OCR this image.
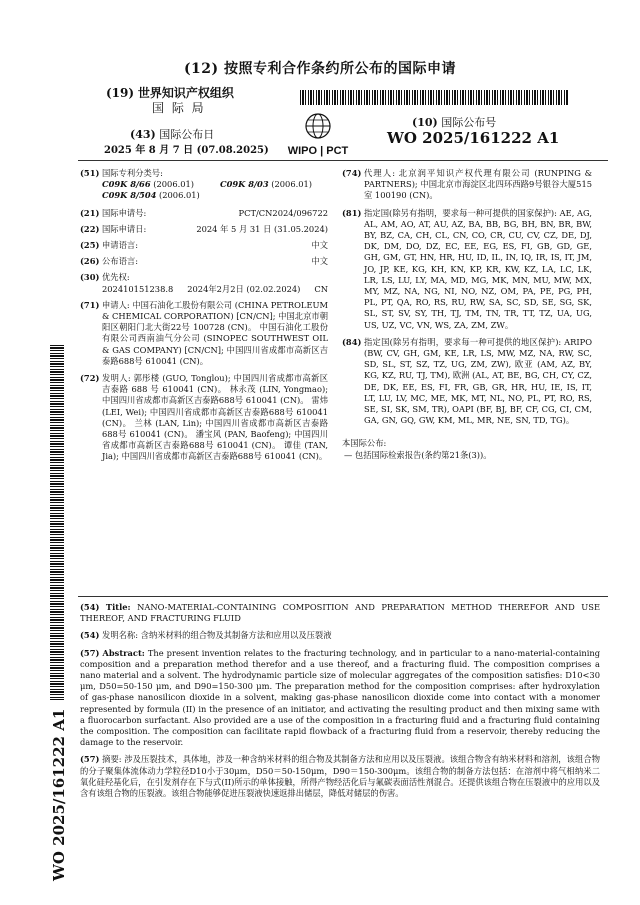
(12) 按照专利合作条约所公布的国际申请
(19) 世界知识产权组织
国 际 局
(43) 国际公布日
2025 年 8 月 7 日 (07.08.2025)	WIPO | PCT
(10) 国际公布号
WO 2025/161222 A1
WO 2025/161222 A1
(51) 国际专利分类号:
C09K 8/66 (2006.01)	C09K 8/03 (2006.01)
C09K 8/504 (2006.01)
(21) 国际申请号:	PCT/CN2024/096722
(22) 国际申请日:	2024 年 5 月 31 日 (31.05.2024)
(25) 申请语言:	中文
(26) 公布语言:	中文
(30) 优先权:
202410151238.8 2024年2月2日 (02.02.2024) CN
(71) 申请人: 中国石油化工股份有限公司 (CHINA PETROLEUM & CHEMICAL CORPORATION) [CN/CN]; 中国北京市朝阳区朝阳门北大街22号 100728 (CN)。 中国石油化工股份有限公司西南油气分公司 (SINOPEC SOUTHWEST OIL & GAS COMPANY) [CN/CN]; 中国四川省成都市高新区吉泰路688号 610041 (CN)。
(72) 发明人: 郭彤楼 (GUO, Tonglou); 中国四川省成都市高新区吉泰路 688 号 610041 (CN)。 林永茂 (LIN, Yongmao); 中国四川省成都市高新区吉泰路688号 610041 (CN)。 雷炜 (LEI, Wei); 中国四川省成都市高新区吉泰路688号 610041 (CN)。 兰林 (LAN, Lin); 中国四川省成都市高新区吉泰路688号 610041 (CN)。 潘宝风 (PAN, Baofeng); 中国四川省成都市高新区吉泰路688号 610041 (CN)。 谭佳 (TAN, Jia); 中国四川省成都市高新区吉泰路688号 610041 (CN)。
(74) 代理人: 北京润平知识产权代理有限公司 (RUNPING & PARTNERS); 中国北京市海淀区北四环西路9号银谷大厦515室 100190 (CN)。
(81) 指定国(除另有指明，要求每一种可提供的国家保护): AE, AG, AL, AM, AO, AT, AU, AZ, BA, BB, BG, BH, BN, BR, BW, BY, BZ, CA, CH, CL, CN, CO, CR, CU, CV, CZ, DE, DJ, DK, DM, DO, DZ, EC, EE, EG, ES, FI, GB, GD, GE, GH, GM, GT, HN, HR, HU, ID, IL, IN, IQ, IR, IS, IT, JM, JO, JP, KE, KG, KH, KN, KP, KR, KW, KZ, LA, LC, LK, LR, LS, LU, LY, MA, MD, MG, MK, MN, MU, MW, MX, MY, MZ, NA, NG, NI, NO, NZ, OM, PA, PE, PG, PH, PL, PT, QA, RO, RS, RU, RW, SA, SC, SD, SE, SG, SK, SL, ST, SV, SY, TH, TJ, TM, TN, TR, TT, TZ, UA, UG, US, UZ, VC, VN, WS, ZA, ZM, ZW。
(84) 指定国(除另有指明，要求每一种可提供的地区保护): ARIPO (BW, CV, GH, GM, KE, LR, LS, MW, MZ, NA, RW, SC, SD, SL, ST, SZ, TZ, UG, ZM, ZW), 欧亚 (AM, AZ, BY, KG, KZ, RU, TJ, TM), 欧洲 (AL, AT, BE, BG, CH, CY, CZ, DE, DK, EE, ES, FI, FR, GB, GR, HR, HU, IE, IS, IT, LT, LU, LV, MC, ME, MK, MT, NL, NO, PL, PT, RO, RS, SE, SI, SK, SM, TR), OAPI (BF, BJ, BF, CF, CG, CI, CM, GA, GN, GQ, GW, KM, ML, MR, NE, SN, TD, TG)。
本国际公布:
— 包括国际检索报告(条约第21条(3))。
(54) Title: NANO-MATERIAL-CONTAINING COMPOSITION AND PREPARATION METHOD THEREFOR AND USE THEREOF, AND FRACTURING FLUID
(54) 发明名称: 含纳米材料的组合物及其制备方法和应用以及压裂液
(57) Abstract: The present invention relates to the fracturing technology, and in particular to a nano-material-containing composition and a preparation method therefor and a use thereof, and a fracturing fluid. The composition comprises a nano material and a solvent. The hydrodynamic particle size of molecular aggregates of the composition satisfies: D10<30 μm, D50=50-150 μm, and D90=150-300 μm. The preparation method for the composition comprises: after hydroxylation of gas-phase nanosilicon dioxide in a solvent, making gas-phase nanosilicon dioxide come into contact with a monomer represented by formula (II) in the presence of an initiator, and activating the resulting product and then mixing same with a fluorocarbon surfactant. Also provided are a use of the composition in a fracturing fluid and a fracturing fluid containing the composition. The composition can facilitate rapid flowback of a fracturing fluid from a reservoir, thereby reducing the damage to the reservoir.
(57) 摘要: 涉及压裂技术，具体地，涉及一种含纳米材料的组合物及其制备方法和应用以及压裂液。该组合物含有纳米材料和溶剂，该组合物的分子聚集体流体动力学粒径D10小于30μm，D50＝50-150μm，D90＝150-300μm。该组合物的制备方法包括：在溶剂中将气相纳米二氧化硅羟基化后，在引发剂存在下与式(II)所示的单体接触，所得产物经活化后与氟碳表面活性剂混合。还提供该组合物在压裂液中的应用以及含有该组合物的压裂液。该组合物能够促进压裂液快速返排出储层，降低对储层的伤害。
